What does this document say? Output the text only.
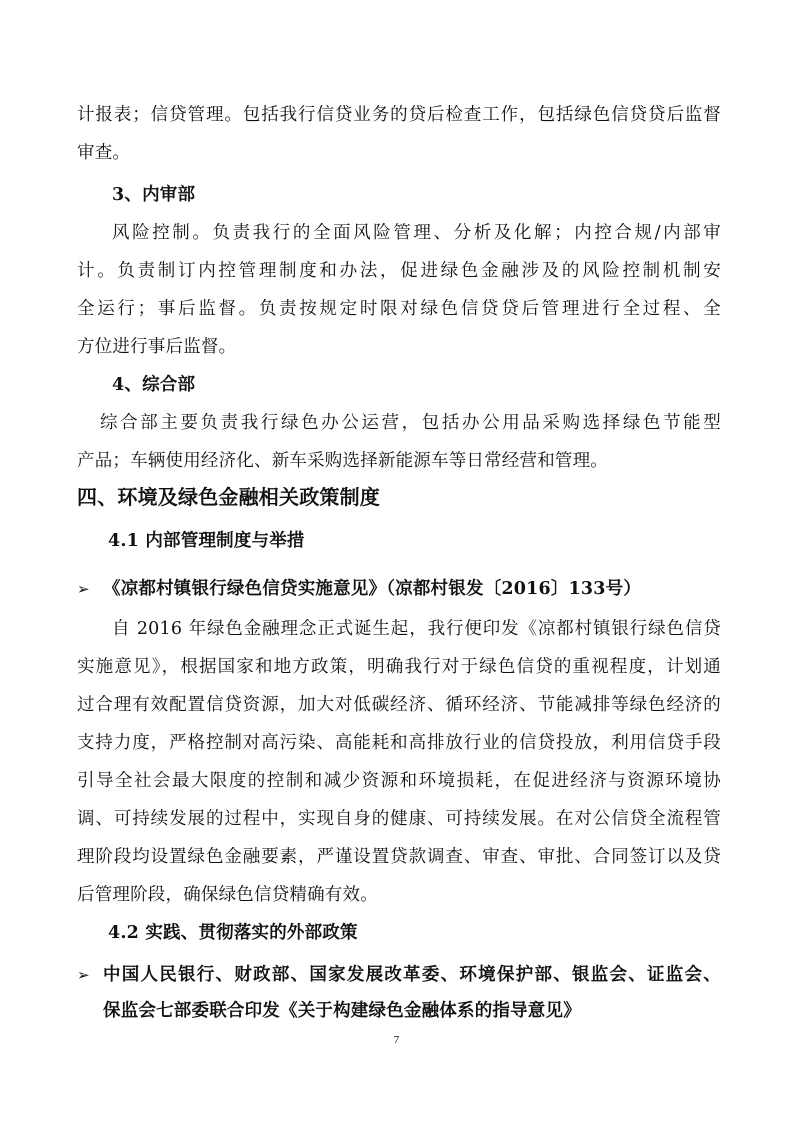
计报表；信贷管理。包括我行信贷业务的贷后检查工作，包括绿色信贷贷后监督
审查。
3、内审部
风险控制。负责我行的全面风险管理、分析及化解；内控合规/内部审
计。负责制订内控管理制度和办法，促进绿色金融涉及的风险控制机制安
全运行；事后监督。负责按规定时限对绿色信贷贷后管理进行全过程、全
方位进行事后监督。
4、综合部
综合部主要负责我行绿色办公运营，包括办公用品采购选择绿色节能型
产品；车辆使用经济化、新车采购选择新能源车等日常经营和管理。
四、环境及绿色金融相关政策制度
4.1 内部管理制度与举措
➢ 《凉都村镇银行绿色信贷实施意见》（凉都村银发〔2016〕133号）
自 2016 年绿色金融理念正式诞生起，我行便印发《凉都村镇银行绿色信贷
实施意见》，根据国家和地方政策，明确我行对于绿色信贷的重视程度，计划通
过合理有效配置信贷资源，加大对低碳经济、循环经济、节能减排等绿色经济的
支持力度，严格控制对高污染、高能耗和高排放行业的信贷投放，利用信贷手段
引导全社会最大限度的控制和减少资源和环境损耗，在促进经济与资源环境协
调、可持续发展的过程中，实现自身的健康、可持续发展。在对公信贷全流程管
理阶段均设置绿色金融要素，严谨设置贷款调查、审查、审批、合同签订以及贷
后管理阶段，确保绿色信贷精确有效。
4.2 实践、贯彻落实的外部政策
➢ 中国人民银行、财政部、国家发展改革委、环境保护部、银监会、证监会、
保监会七部委联合印发《关于构建绿色金融体系的指导意见》
7
